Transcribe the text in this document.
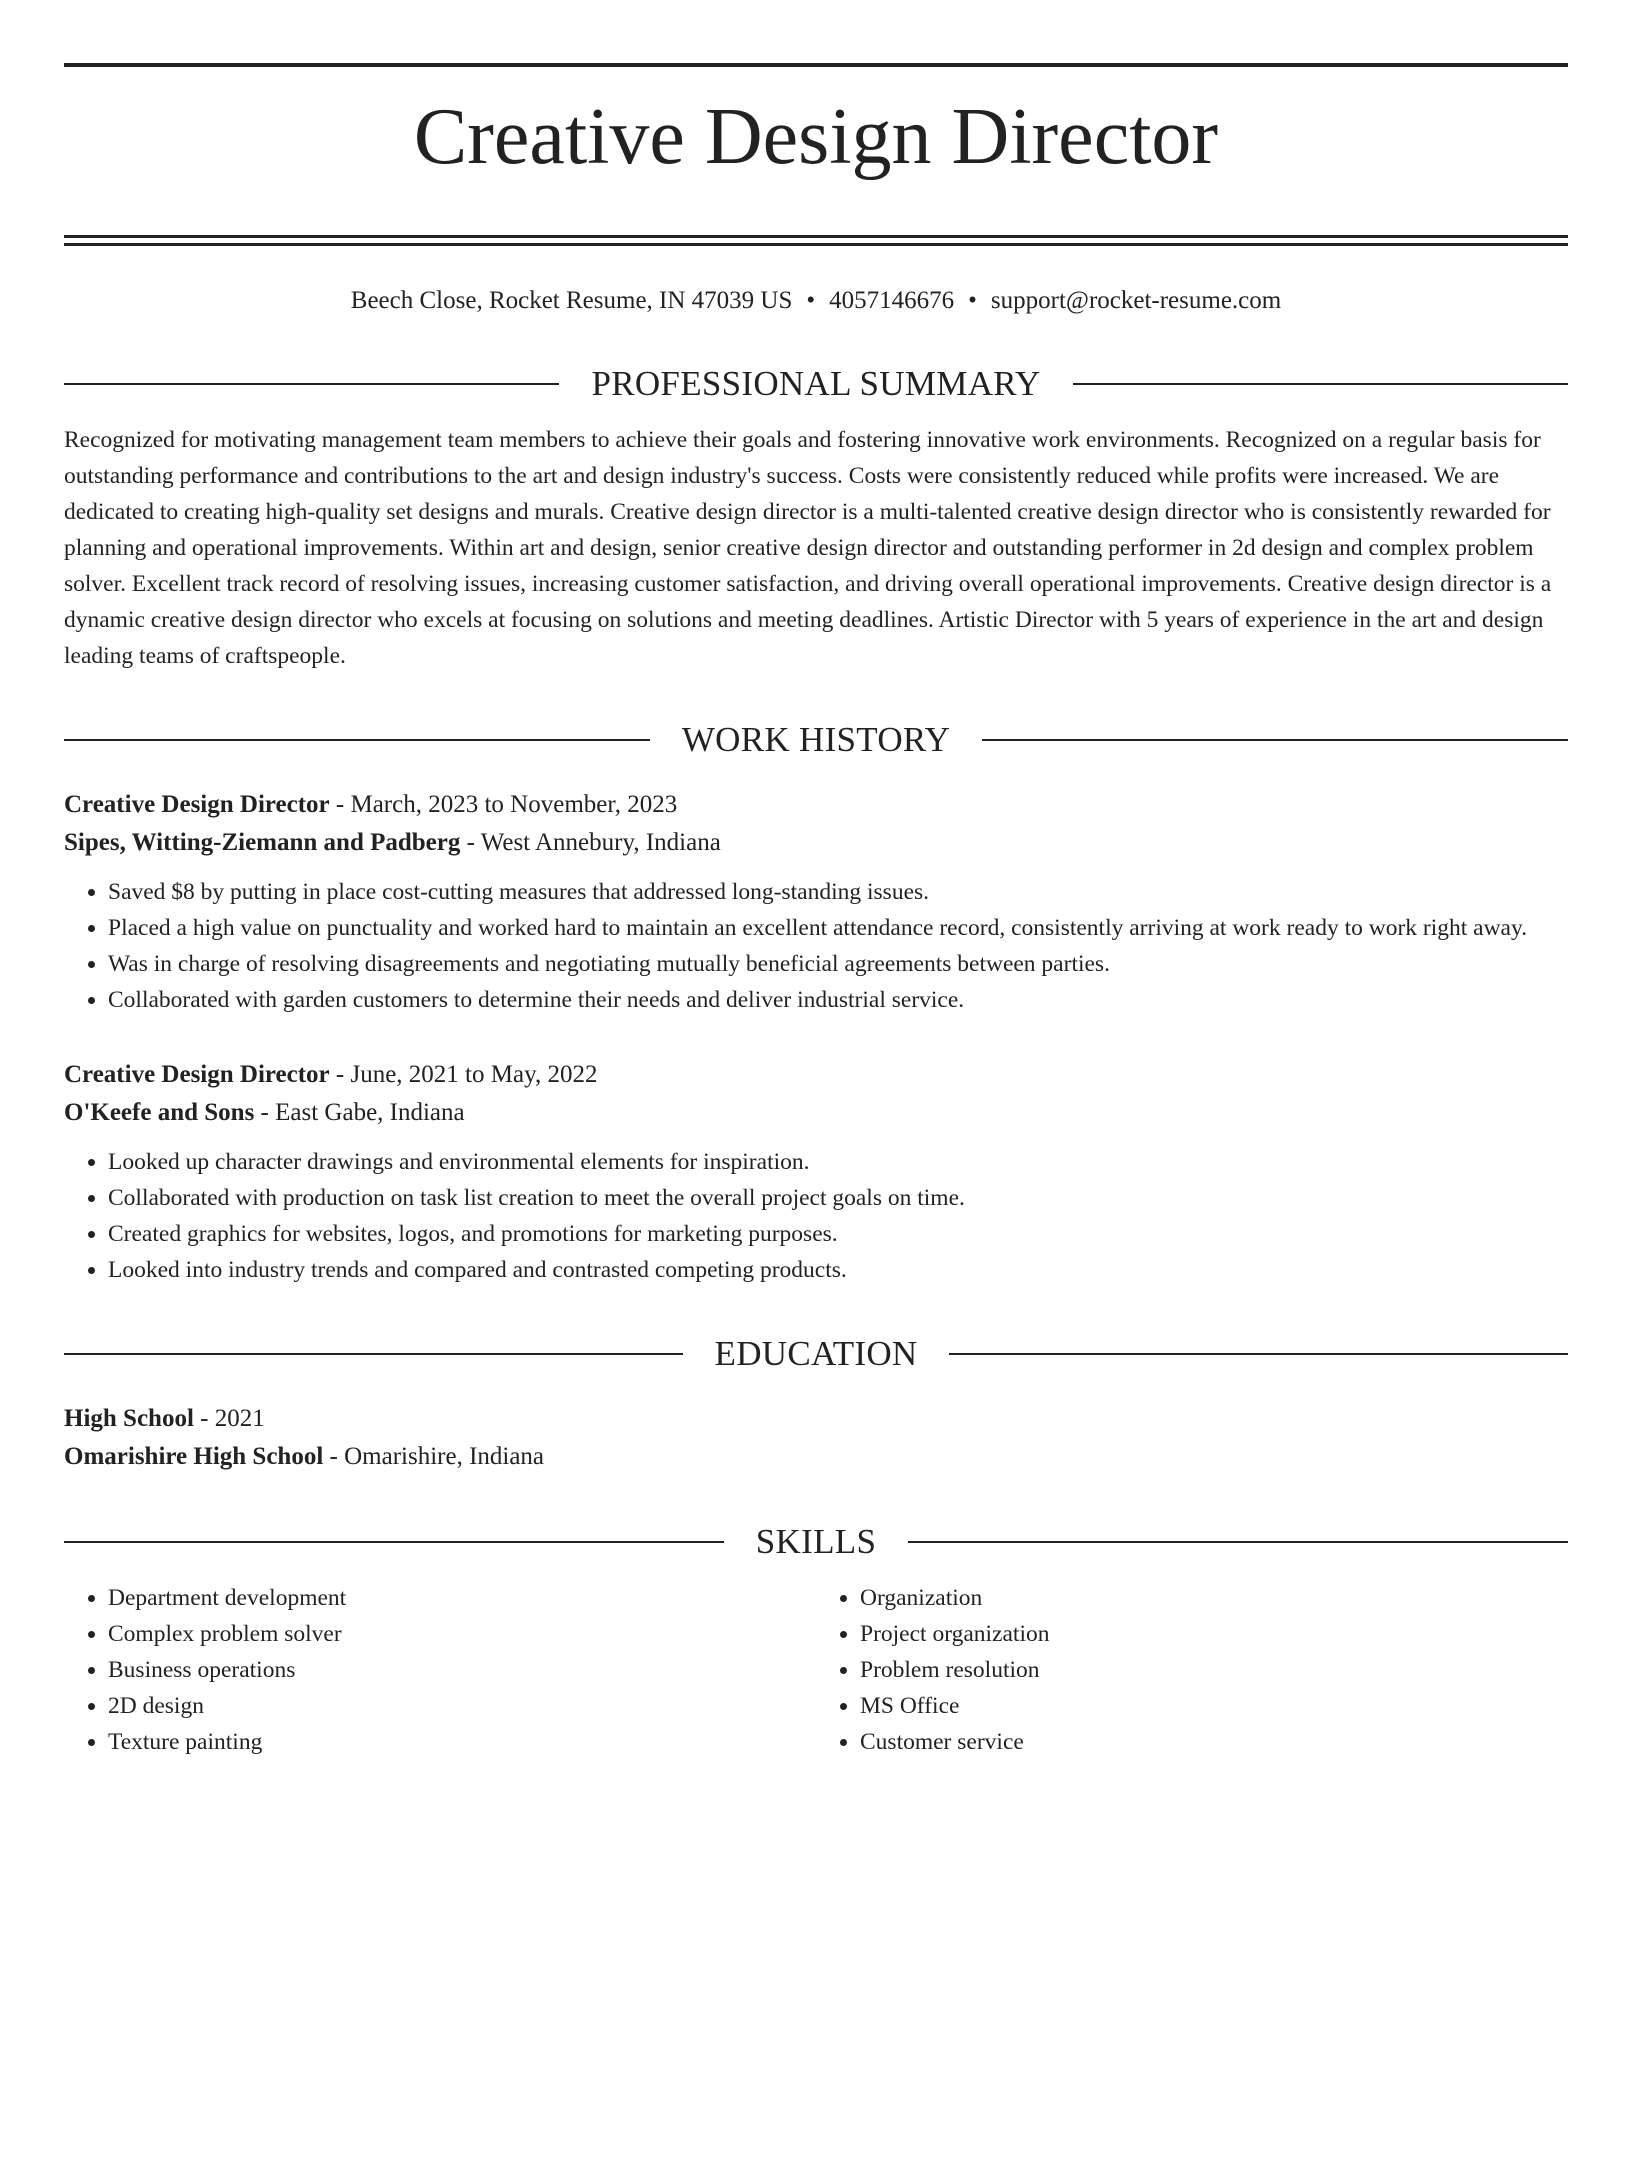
Creative Design Director
Beech Close, Rocket Resume, IN 47039 US • 4057146676 • support@rocket-resume.com
PROFESSIONAL SUMMARY

Recognized for motivating management team members to achieve their goals and fostering innovative work environments. Recognized on a regular basis for outstanding performance and contributions to the art and design industry's success. Costs were consistently reduced while profits were increased. We are dedicated to creating high-quality set designs and murals. Creative design director is a multi-talented creative design director who is consistently rewarded for planning and operational improvements. Within art and design, senior creative design director and outstanding performer in 2d design and complex problem solver. Excellent track record of resolving issues, increasing customer satisfaction, and driving overall operational improvements. Creative design director is a dynamic creative design director who excels at focusing on solutions and meeting deadlines. Artistic Director with 5 years of experience in the art and design leading teams of craftspeople.

WORK HISTORY
Creative Design Director - March, 2023 to November, 2023
Sipes, Witting-Ziemann and Padberg - West Annebury, Indiana
• Saved $8 by putting in place cost-cutting measures that addressed long-standing issues.
• Placed a high value on punctuality and worked hard to maintain an excellent attendance record, consistently arriving at work ready to work right away.
• Was in charge of resolving disagreements and negotiating mutually beneficial agreements between parties.
• Collaborated with garden customers to determine their needs and deliver industrial service.
Creative Design Director - June, 2021 to May, 2022
O'Keefe and Sons - East Gabe, Indiana
• Looked up character drawings and environmental elements for inspiration.
• Collaborated with production on task list creation to meet the overall project goals on time.
• Created graphics for websites, logos, and promotions for marketing purposes.
• Looked into industry trends and compared and contrasted competing products.
EDUCATION
High School - 2021
Omarishire High School - Omarishire, Indiana
SKILLS
• Department development
• Complex problem solver
• Business operations
• 2D design
• Texture painting
• Organization
• Project organization
• Problem resolution
• MS Office
• Customer service
